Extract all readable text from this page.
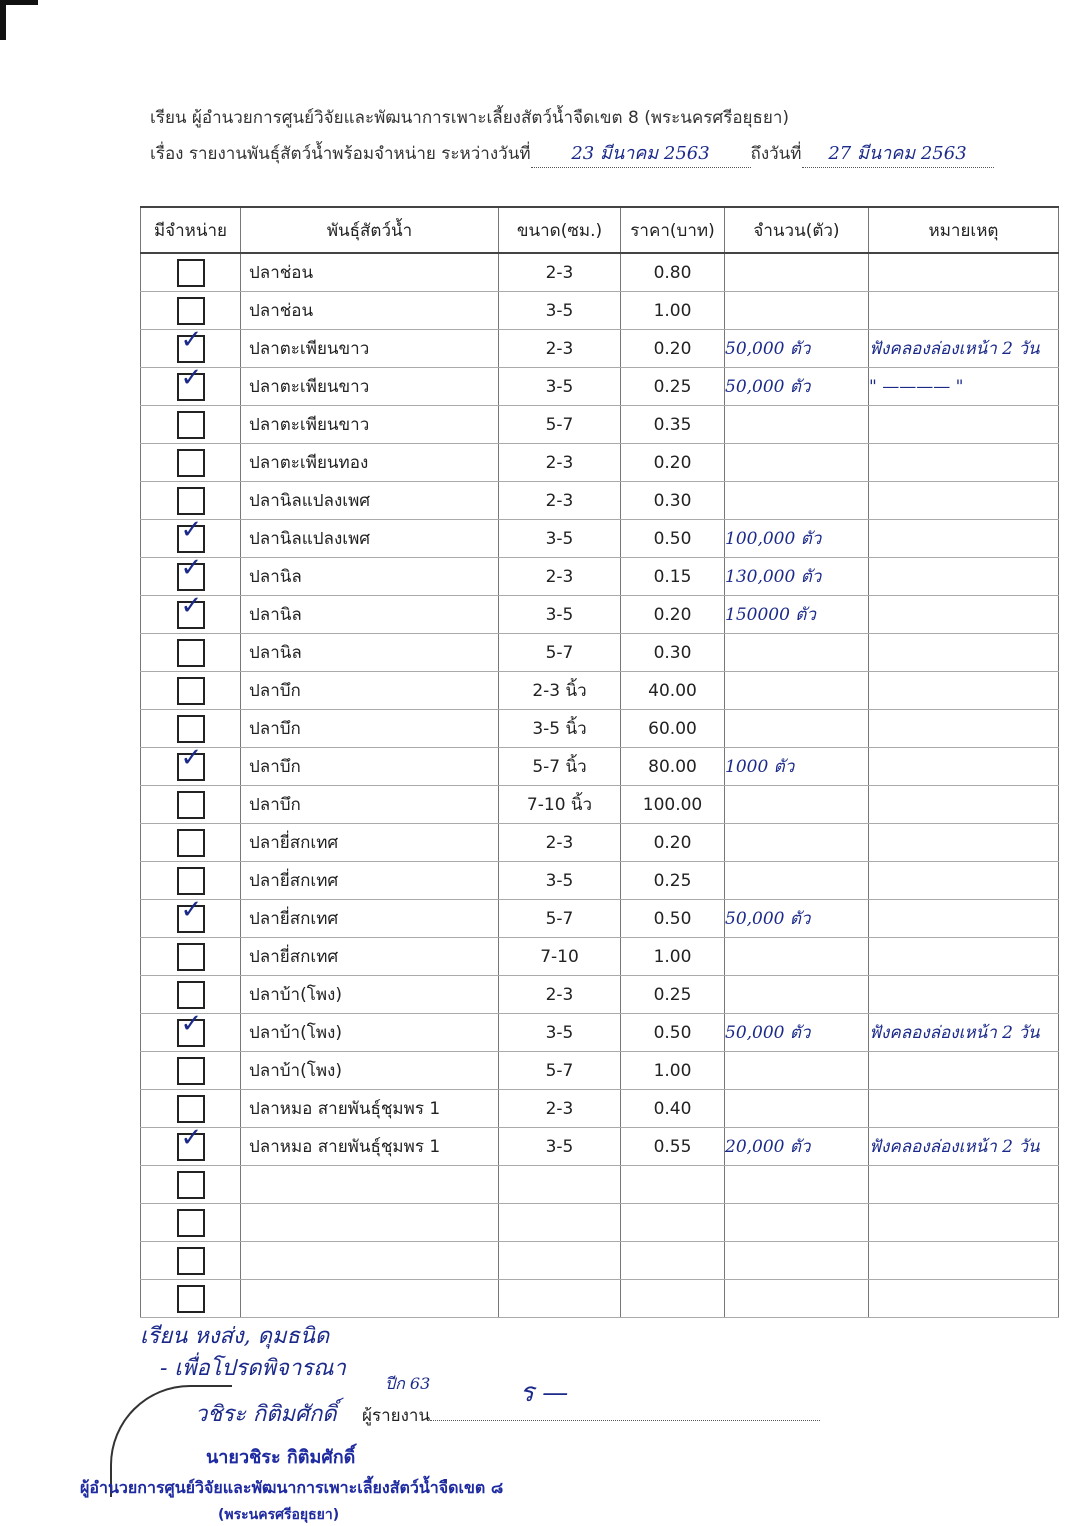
เรียน ผู้อำนวยการศูนย์วิจัยและพัฒนาการเพาะเลี้ยงสัตว์น้ำจืดเขต 8 (พระนครศรีอยุธยา)
เรื่อง รายงานพันธุ์สัตว์น้ำพร้อมจำหน่าย ระหว่างวันที่ 23 มีนาคม 2563 ถึงวันที่ 27 มีนาคม 2563
มีจำหน่าย	พันธุ์สัตว์น้ำ	ขนาด(ซม.)	ราคา(บาท)	จำนวน(ตัว)	หมายเหตุ
	ปลาช่อน	2-3	0.80		
	ปลาช่อน	3-5	1.00		

✓	ปลาตะเพียนขาว	2-3	0.20	50,000 ตัว	ฟังคลองล่องเหน้า 2 วัน

✓	ปลาตะเพียนขาว	3-5	0.25	50,000 ตัว	" ———— "
	ปลาตะเพียนขาว	5-7	0.35		
	ปลาตะเพียนทอง	2-3	0.20		
	ปลานิลแปลงเพศ	2-3	0.30		

✓	ปลานิลแปลงเพศ	3-5	0.50	100,000 ตัว	

✓	ปลานิล	2-3	0.15	130,000 ตัว	

✓	ปลานิล	3-5	0.20	150000 ตัว	
	ปลานิล	5-7	0.30		
	ปลาบึก	2-3 นิ้ว	40.00		
	ปลาบึก	3-5 นิ้ว	60.00		

✓	ปลาบึก	5-7 นิ้ว	80.00	1000 ตัว	
	ปลาบึก	7-10 นิ้ว	100.00		
	ปลายี่สกเทศ	2-3	0.20		
	ปลายี่สกเทศ	3-5	0.25		

✓	ปลายี่สกเทศ	5-7	0.50	50,000 ตัว	
	ปลายี่สกเทศ	7-10	1.00		
	ปลาบ้า(โพง)	2-3	0.25		

✓	ปลาบ้า(โพง)	3-5	0.50	50,000 ตัว	ฟังคลองล่องเหน้า 2 วัน
	ปลาบ้า(โพง)	5-7	1.00		
	ปลาหมอ สายพันธุ์ชุมพร 1	2-3	0.40		

✓	ปลาหมอ สายพันธุ์ชุมพร 1	3-5	0.55	20,000 ตัว	ฟังคลองล่องเหน้า 2 วัน

เรียน หงส่ง, ดุมธนิด
- เพื่อโปรดพิจารณา
วชิระ กิติมศักดิ์
ปีก 63	ร —
ผู้รายงาน
นายวชิระ กิติมศักดิ์
ผู้อำนวยการศูนย์วิจัยและพัฒนาการเพาะเลี้ยงสัตว์น้ำจืดเขต ๘
(พระนครศรีอยุธยา)
